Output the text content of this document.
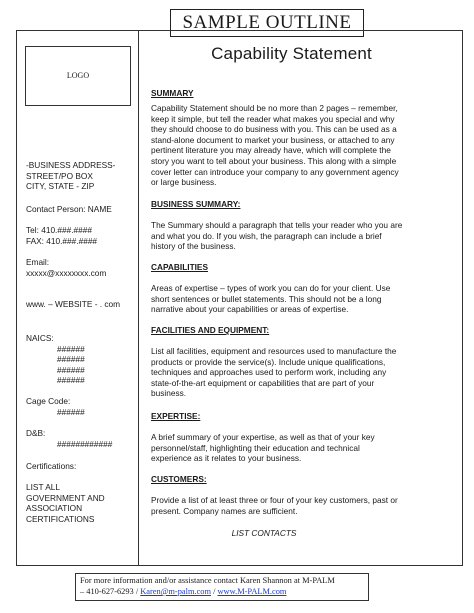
SAMPLE OUTLINE
LOGO
Capability Statement
-BUSINESS ADDRESS-
STREET/PO BOX
CITY, STATE - ZIP
Contact Person: NAME
Tel: 410.###.####
FAX: 410.###.####
Email:
xxxxx@xxxxxxxx.com
www. – WEBSITE - . com
NAICS:
######
######
######
######
Cage Code:
######
D&B:
############
Certifications:
LIST ALL
GOVERNMENT AND
ASSOCIATION
CERTIFICATIONS
SUMMARY
Capability Statement should be no more than 2 pages – remember,
keep it simple, but tell the reader what makes you special and why
they should choose to do business with you. This can be used as a
stand-alone document to market your business, or attached to any
pertinent literature you may already have, which will complete the
story you want to tell about your business. This along with a simple
cover letter can introduce your company to any government agency
or large business.
BUSINESS SUMMARY:
The Summary should a paragraph that tells your reader who you are
and what you do. If you wish, the paragraph can include a brief
history of the business.
CAPABILITIES
Areas of expertise – types of work you can do for your client. Use
short sentences or bullet statements. This should not be a long
narrative about your capabilities or areas of expertise.
FACILITIES AND EQUIPMENT:
List all facilities, equipment and resources used to manufacture the
products or provide the service(s). Include unique qualifications,
techniques and approaches used to perform work, including any
state-of-the-art equipment or capabilities that are part of your
business.
EXPERTISE:
A brief summary of your expertise, as well as that of your key
personnel/staff, highlighting their education and technical
experience as it relates to your business.
CUSTOMERS:
Provide a list of at least three or four of your key customers, past or
present. Company names are sufficient.
LIST CONTACTS
For more information and/or assistance contact Karen Shannon at M-PALM
– 410-627-6293 / Karen@m-palm.com / www.M-PALM.com
